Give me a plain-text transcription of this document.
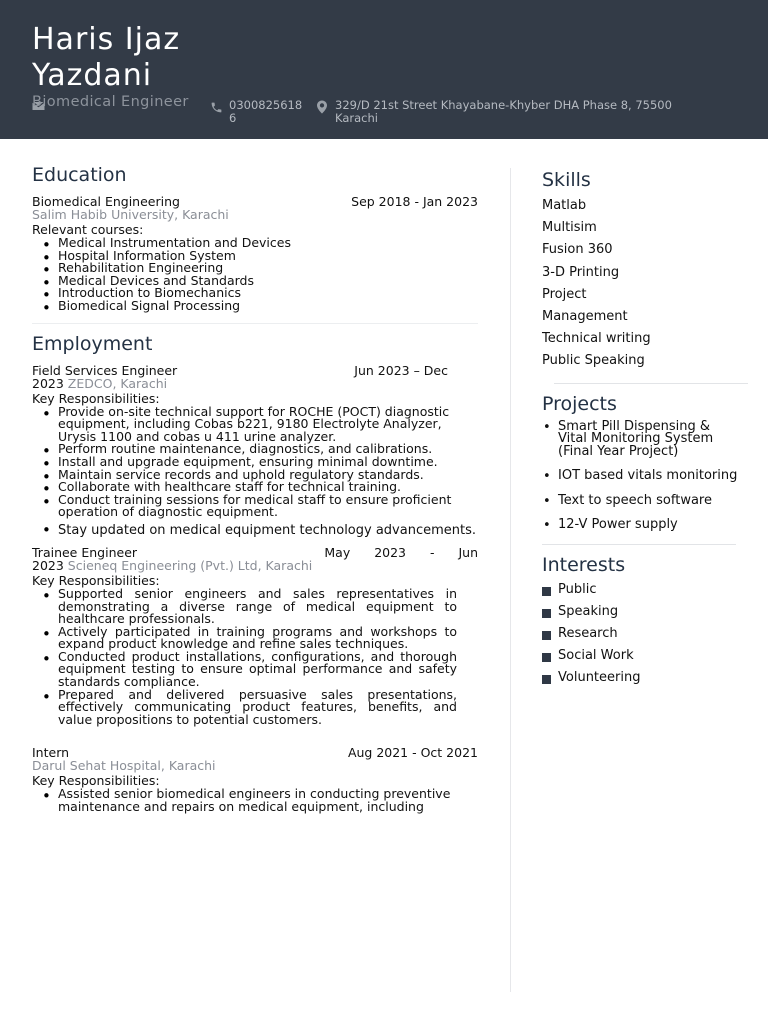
Haris Ijaz Yazdani
Biomedical Engineer	0300825618 6
329/D 21st Street Khayabane-Khyber DHA Phase 8, 75500 Karachi
Education
Biomedical Engineering	Sep 2018 - Jan 2023
Salim Habib University, Karachi
Relevant courses:
• Medical Instrumentation and Devices
• Hospital Information System
• Rehabilitation Engineering
• Medical Devices and Standards
• Introduction to Biomechanics
• Biomedical Signal Processing
Employment
Field Services Engineer	Jun 2023 – Dec
2023 ZEDCO, Karachi
Key Responsibilities:
• Provide on-site technical support for ROCHE (POCT) diagnostic equipment, including Cobas b221, 9180 Electrolyte Analyzer, Urysis 1100 and cobas u 411 urine analyzer.
• Perform routine maintenance, diagnostics, and calibrations.
• Install and upgrade equipment, ensuring minimal downtime.
• Maintain service records and uphold regulatory standards.
• Collaborate with healthcare staff for technical training.
• Conduct training sessions for medical staff to ensure proficient operation of diagnostic equipment.
• Stay updated on medical equipment technology advancements.
Trainee Engineer	May 2023 - Jun
2023 Scieneq Engineering (Pvt.) Ltd, Karachi
Key Responsibilities:
• Supported senior engineers and sales representatives in demonstrating a diverse range of medical equipment to healthcare professionals.
• Actively participated in training programs and workshops to expand product knowledge and refine sales techniques.
• Conducted product installations, configurations, and thorough equipment testing to ensure optimal performance and safety standards compliance.
• Prepared and delivered persuasive sales presentations, effectively communicating product features, benefits, and value propositions to potential customers.
Intern	Aug 2021 - Oct 2021
Darul Sehat Hospital, Karachi
Key Responsibilities:
• Assisted senior biomedical engineers in conducting preventive maintenance and repairs on medical equipment, including
Skills
Matlab
Multisim
Fusion 360
3-D Printing
Project
Management
Technical writing
Public Speaking
Projects
• Smart Pill Dispensing & Vital Monitoring System (Final Year Project)
• IOT based vitals monitoring
• Text to speech software
• 12-V Power supply
Interests
Public
Speaking
Research
Social Work
Volunteering
